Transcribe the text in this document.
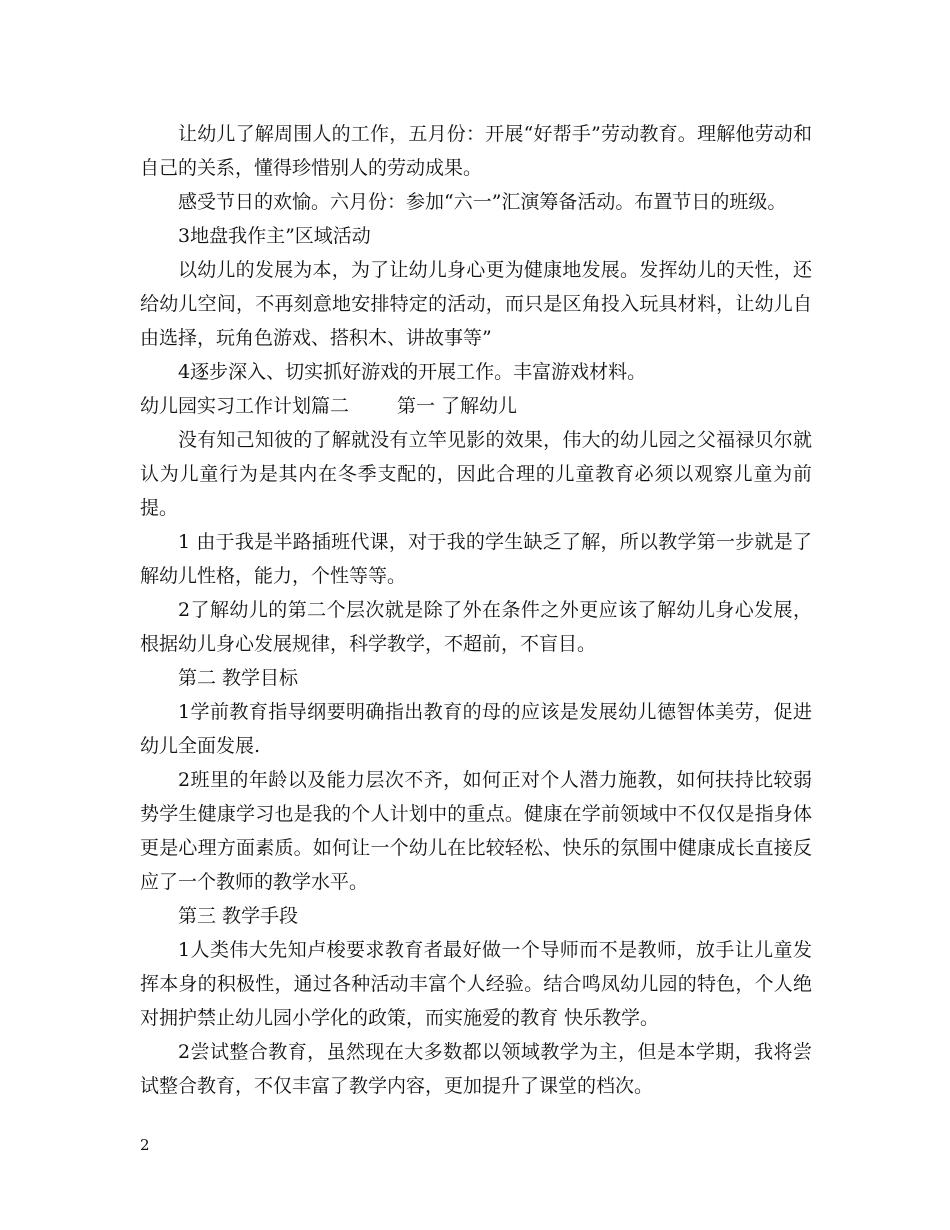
让幼儿了解周围人的工作，五月份：开展“好帮手”劳动教育。理解他劳动和自己的关系，懂得珍惜别人的劳动成果。

感受节日的欢愉。六月份：参加“六一”汇演筹备活动。布置节日的班级。

3地盘我作主”区域活动

以幼儿的发展为本，为了让幼儿身心更为健康地发展。发挥幼儿的天性，还给幼儿空间，不再刻意地安排特定的活动，而只是区角投入玩具材料，让幼儿自由选择，玩角色游戏、搭积木、讲故事等”

4逐步深入、切实抓好游戏的开展工作。丰富游戏材料。

幼儿园实习工作计划篇二	第一 了解幼儿

没有知己知彼的了解就没有立竿见影的效果，伟大的幼儿园之父福禄贝尔就认为儿童行为是其内在冬季支配的，因此合理的儿童教育必须以观察儿童为前提。

1 由于我是半路插班代课，对于我的学生缺乏了解，所以教学第一步就是了解幼儿性格，能力，个性等等。

2了解幼儿的第二个层次就是除了外在条件之外更应该了解幼儿身心发展，根据幼儿身心发展规律，科学教学，不超前，不盲目。

第二 教学目标

1学前教育指导纲要明确指出教育的母的应该是发展幼儿德智体美劳，促进幼儿全面发展.

2班里的年龄以及能力层次不齐，如何正对个人潜力施教，如何扶持比较弱势学生健康学习也是我的个人计划中的重点。健康在学前领域中不仅仅是指身体更是心理方面素质。如何让一个幼儿在比较轻松、快乐的氛围中健康成长直接反应了一个教师的教学水平。

第三 教学手段

1人类伟大先知卢梭要求教育者最好做一个导师而不是教师，放手让儿童发挥本身的积极性，通过各种活动丰富个人经验。结合鸣凤幼儿园的特色，个人绝对拥护禁止幼儿园小学化的政策，而实施爱的教育 快乐教学。

2尝试整合教育，虽然现在大多数都以领域教学为主，但是本学期，我将尝试整合教育，不仅丰富了教学内容，更加提升了课堂的档次。

2
